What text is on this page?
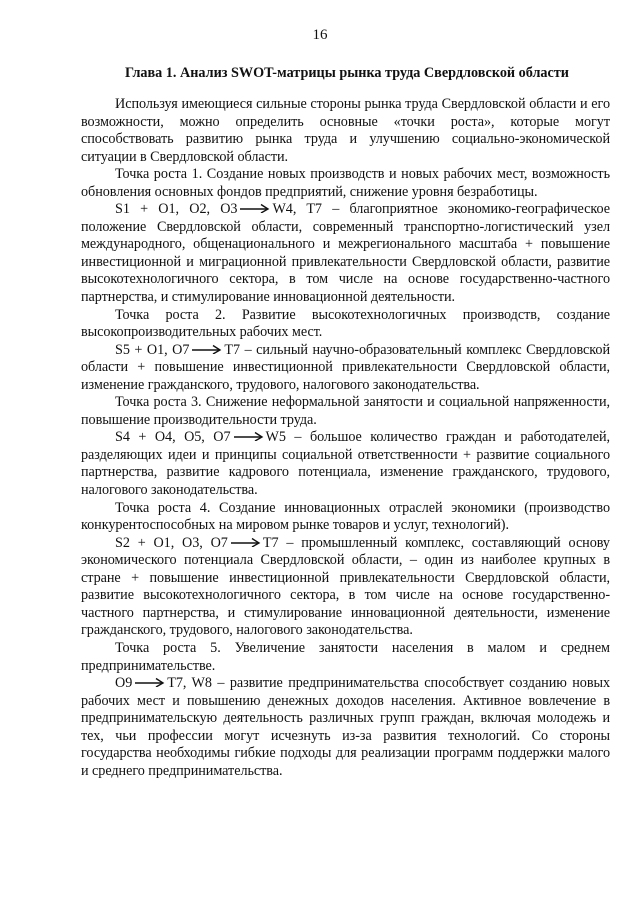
16
Глава 1. Анализ SWOT-матрицы рынка труда Свердловской области

Используя имеющиеся сильные стороны рынка труда Свердловской области и его возможности, можно определить основные «точки роста», которые могут способствовать развитию рынка труда и улучшению социально-экономической ситуации в Свердловской области.

Точка роста 1. Создание новых производств и новых рабочих мест, возможность обновления основных фондов предприятий, снижение уровня безработицы.

S1 + O1, O2, O3 W4, T7 – благоприятное экономико-географическое положение Свердловской области, современный транспортно-логистический узел международного, общенационального и межрегионального масштаба + повышение инвестиционной и миграционной привлекательности Свердловской области, развитие высокотехнологичного сектора, в том числе на основе государственно-частного партнерства, и стимулирование инновационной деятельности.

Точка роста 2. Развитие высокотехнологичных производств, создание высокопроизводительных рабочих мест.

S5 + O1, O7 T7 – сильный научно-образовательный комплекс Свердловской области + повышение инвестиционной привлекательности Свердловской области, изменение гражданского, трудового, налогового законодательства.

Точка роста 3. Снижение неформальной занятости и социальной напряженности, повышение производительности труда.

S4 + O4, O5, O7 W5 – большое количество граждан и работодателей, разделяющих идеи и принципы социальной ответственности + развитие социального партнерства, развитие кадрового потенциала, изменение гражданского, трудового, налогового законодательства.

Точка роста 4. Создание инновационных отраслей экономики (производство конкурентоспособных на мировом рынке товаров и услуг, технологий).

S2 + O1, O3, O7 T7 – промышленный комплекс, составляющий основу экономического потенциала Свердловской области, – один из наиболее крупных в стране + повышение инвестиционной привлекательности Свердловской области, развитие высокотехнологичного сектора, в том числе на основе государственно-частного партнерства, и стимулирование инновационной деятельности, изменение гражданского, трудового, налогового законодательства.

Точка роста 5. Увеличение занятости населения в малом и среднем предпринимательстве.

O9 T7, W8 – развитие предпринимательства способствует созданию новых рабочих мест и повышению денежных доходов населения. Активное вовлечение в предпринимательскую деятельность различных групп граждан, включая молодежь и тех, чьи профессии могут исчезнуть из-за развития технологий. Со стороны государства необходимы гибкие подходы для реализации программ поддержки малого и среднего предпринимательства.
